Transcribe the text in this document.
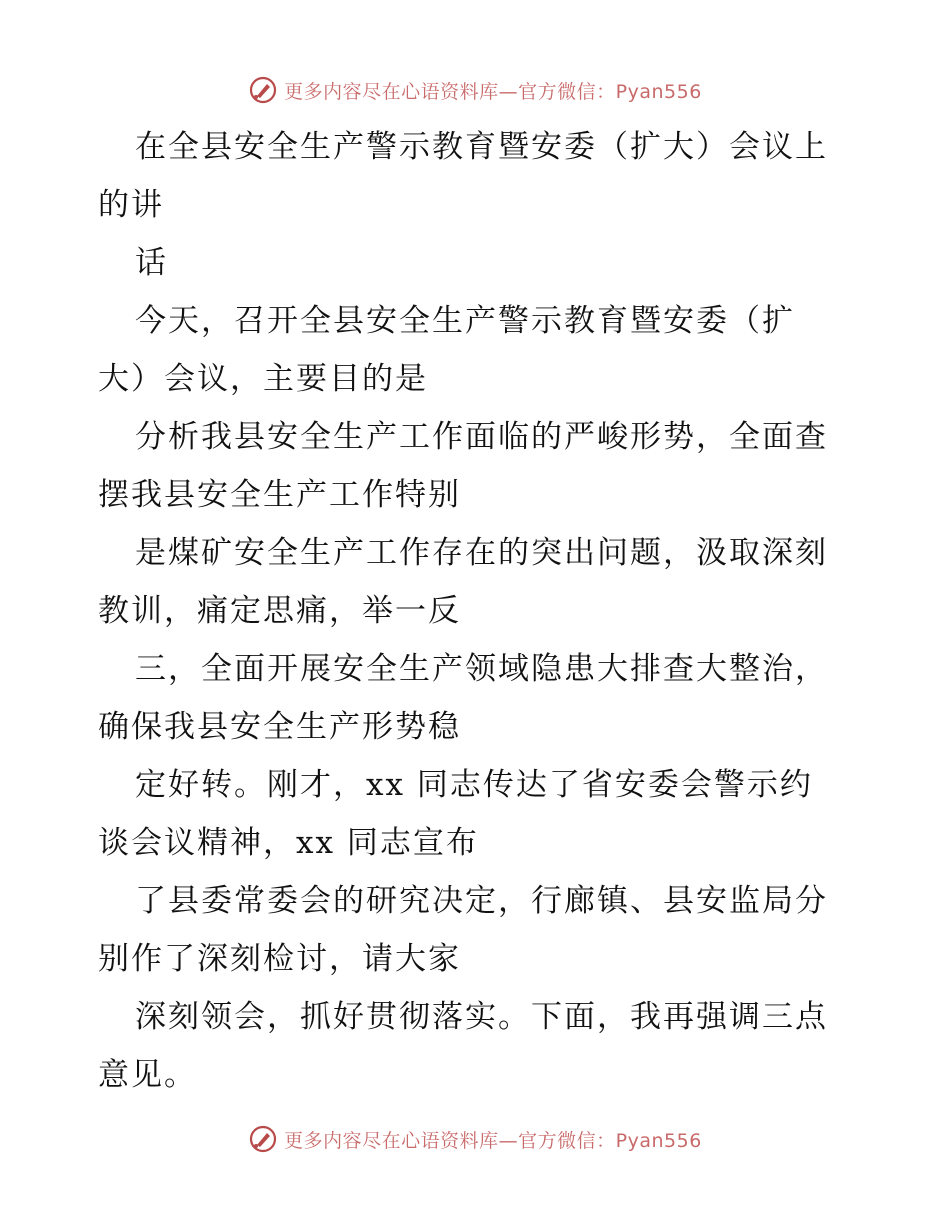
更多内容尽在心语资料库—官方微信：Pyan556
在全县安全生产警示教育暨安委（扩大）会议上
的讲
话
今天，召开全县安全生产警示教育暨安委（扩
大）会议，主要目的是
分析我县安全生产工作面临的严峻形势，全面查
摆我县安全生产工作特别
是煤矿安全生产工作存在的突出问题，汲取深刻
教训，痛定思痛，举一反
三，全面开展安全生产领域隐患大排查大整治，
确保我县安全生产形势稳
定好转。刚才，xx 同志传达了省安委会警示约
谈会议精神，xx 同志宣布
了县委常委会的研究决定，行廊镇、县安监局分
别作了深刻检讨，请大家
深刻领会，抓好贯彻落实。下面，我再强调三点
意见。
更多内容尽在心语资料库—官方微信：Pyan556
